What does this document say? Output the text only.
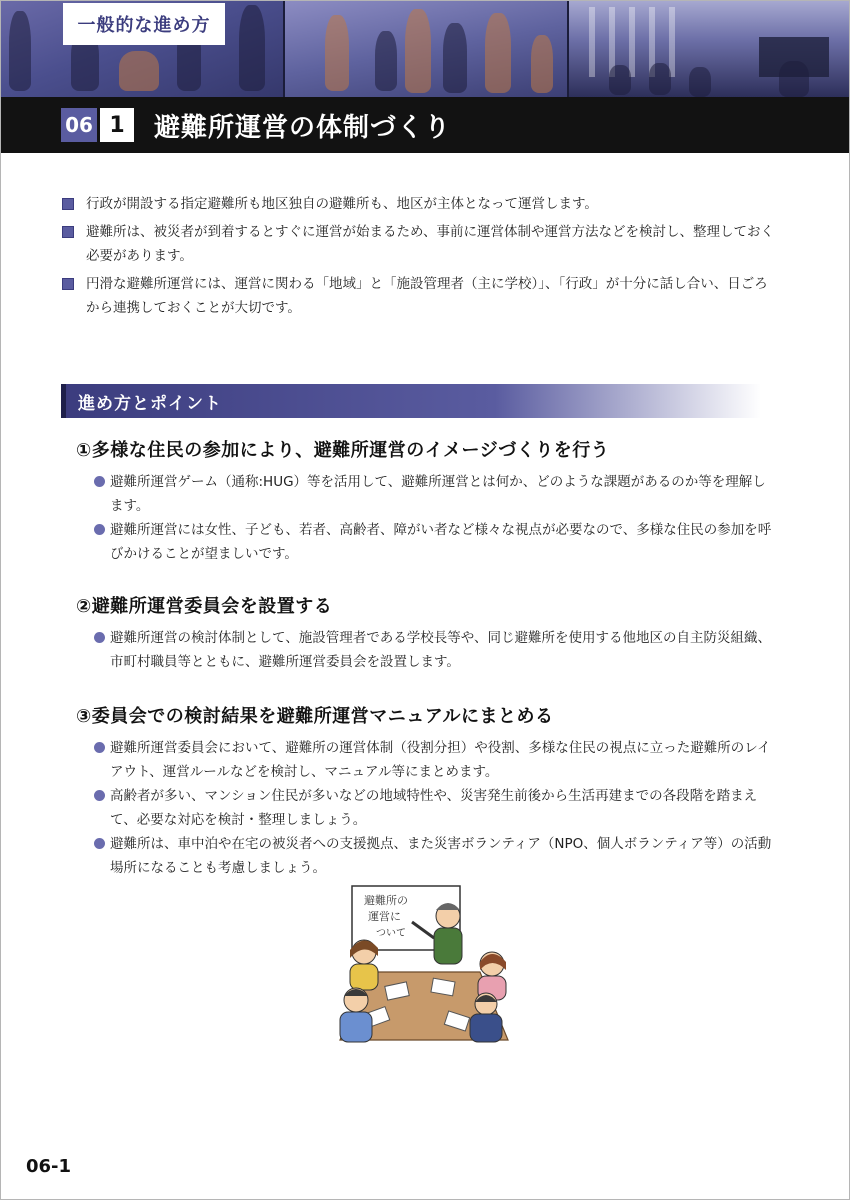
一般的な進め方
06 1	避難所運営の体制づくり
行政が開設する指定避難所も地区独自の避難所も、地区が主体となって運営します。
避難所は、被災者が到着するとすぐに運営が始まるため、事前に運営体制や運営方法などを検討し、整理しておく必要があります。
円滑な避難所運営には、運営に関わる「地域」と「施設管理者（主に学校）」、「行政」が十分に話し合い、日ごろから連携しておくことが大切です。
進め方とポイント
①多様な住民の参加により、避難所運営のイメージづくりを行う
避難所運営ゲーム（通称:HUG）等を活用して、避難所運営とは何か、どのような課題があるのか等を理解します。
避難所運営には女性、子ども、若者、高齢者、障がい者など様々な視点が必要なので、多様な住民の参加を呼びかけることが望ましいです。
②避難所運営委員会を設置する
避難所運営の検討体制として、施設管理者である学校長等や、同じ避難所を使用する他地区の自主防災組織、市町村職員等とともに、避難所運営委員会を設置します。
③委員会での検討結果を避難所運営マニュアルにまとめる
避難所運営委員会において、避難所の運営体制（役割分担）や役割、多様な住民の視点に立った避難所のレイアウト、運営ルールなどを検討し、マニュアル等にまとめます。
高齢者が多い、マンション住民が多いなどの地域特性や、災害発生前後から生活再建までの各段階を踏まえて、必要な対応を検討・整理しましょう。
避難所は、車中泊や在宅の被災者への支援拠点、また災害ボランティア（NPO、個人ボランティア等）の活動場所になることも考慮しましょう。
避難所の
運営に
ついて
06-1
